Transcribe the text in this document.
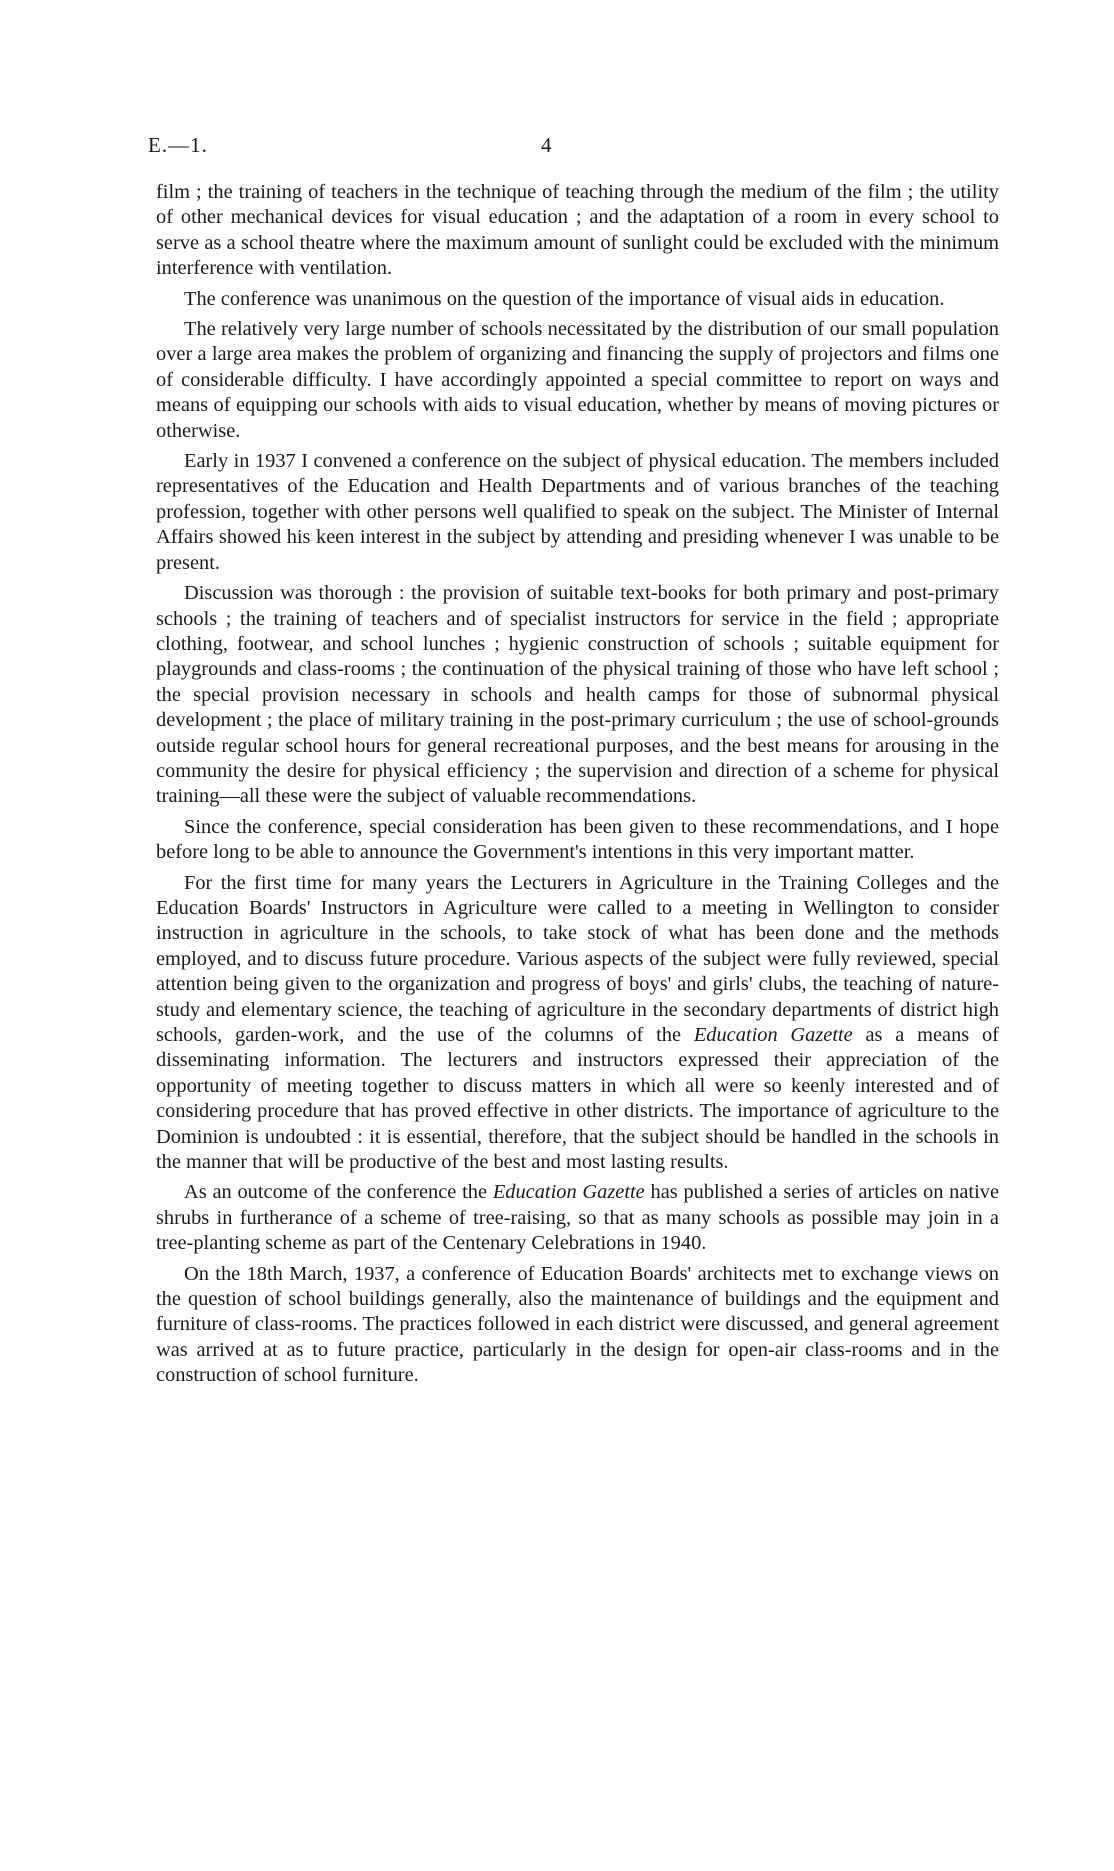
E.—1.	4

film ; the training of teachers in the technique of teaching through the medium of the film ; the utility of other mechanical devices for visual education ; and the adaptation of a room in every school to serve as a school theatre where the maximum amount of sunlight could be excluded with the minimum interference with ventilation.

The conference was unanimous on the question of the importance of visual aids in education.

The relatively very large number of schools necessitated by the distribution of our small population over a large area makes the problem of organizing and financing the supply of projectors and films one of considerable difficulty. I have accordingly appointed a special committee to report on ways and means of equipping our schools with aids to visual education, whether by means of moving pictures or otherwise.

Early in 1937 I convened a conference on the subject of physical education. The members included representatives of the Education and Health Departments and of various branches of the teaching profession, together with other persons well qualified to speak on the subject. The Minister of Internal Affairs showed his keen interest in the subject by attending and presiding whenever I was unable to be present.

Discussion was thorough : the provision of suitable text-books for both primary and post-primary schools ; the training of teachers and of specialist instructors for service in the field ; appropriate clothing, footwear, and school lunches ; hygienic construction of schools ; suitable equipment for playgrounds and class-rooms ; the continuation of the physical training of those who have left school ; the special provision necessary in schools and health camps for those of subnormal physical development ; the place of military training in the post-primary curriculum ; the use of school-grounds outside regular school hours for general recreational purposes, and the best means for arousing in the community the desire for physical efficiency ; the supervision and direction of a scheme for physical training—all these were the subject of valuable recommendations.

Since the conference, special consideration has been given to these recommendations, and I hope before long to be able to announce the Government's intentions in this very important matter.

For the first time for many years the Lecturers in Agriculture in the Training Colleges and the Education Boards' Instructors in Agriculture were called to a meeting in Wellington to consider instruction in agriculture in the schools, to take stock of what has been done and the methods employed, and to discuss future procedure. Various aspects of the subject were fully reviewed, special attention being given to the organization and progress of boys' and girls' clubs, the teaching of nature-study and elementary science, the teaching of agriculture in the secondary departments of district high schools, garden-work, and the use of the columns of the Education Gazette as a means of disseminating information. The lecturers and instructors expressed their appreciation of the opportunity of meeting together to discuss matters in which all were so keenly interested and of considering procedure that has proved effective in other districts. The importance of agriculture to the Dominion is undoubted : it is essential, therefore, that the subject should be handled in the schools in the manner that will be productive of the best and most lasting results.

As an outcome of the conference the Education Gazette has published a series of articles on native shrubs in furtherance of a scheme of tree-raising, so that as many schools as possible may join in a tree-planting scheme as part of the Centenary Celebrations in 1940.

On the 18th March, 1937, a conference of Education Boards' architects met to exchange views on the question of school buildings generally, also the maintenance of buildings and the equipment and furniture of class-rooms. The practices followed in each district were discussed, and general agreement was arrived at as to future practice, particularly in the design for open-air class-rooms and in the construction of school furniture.
